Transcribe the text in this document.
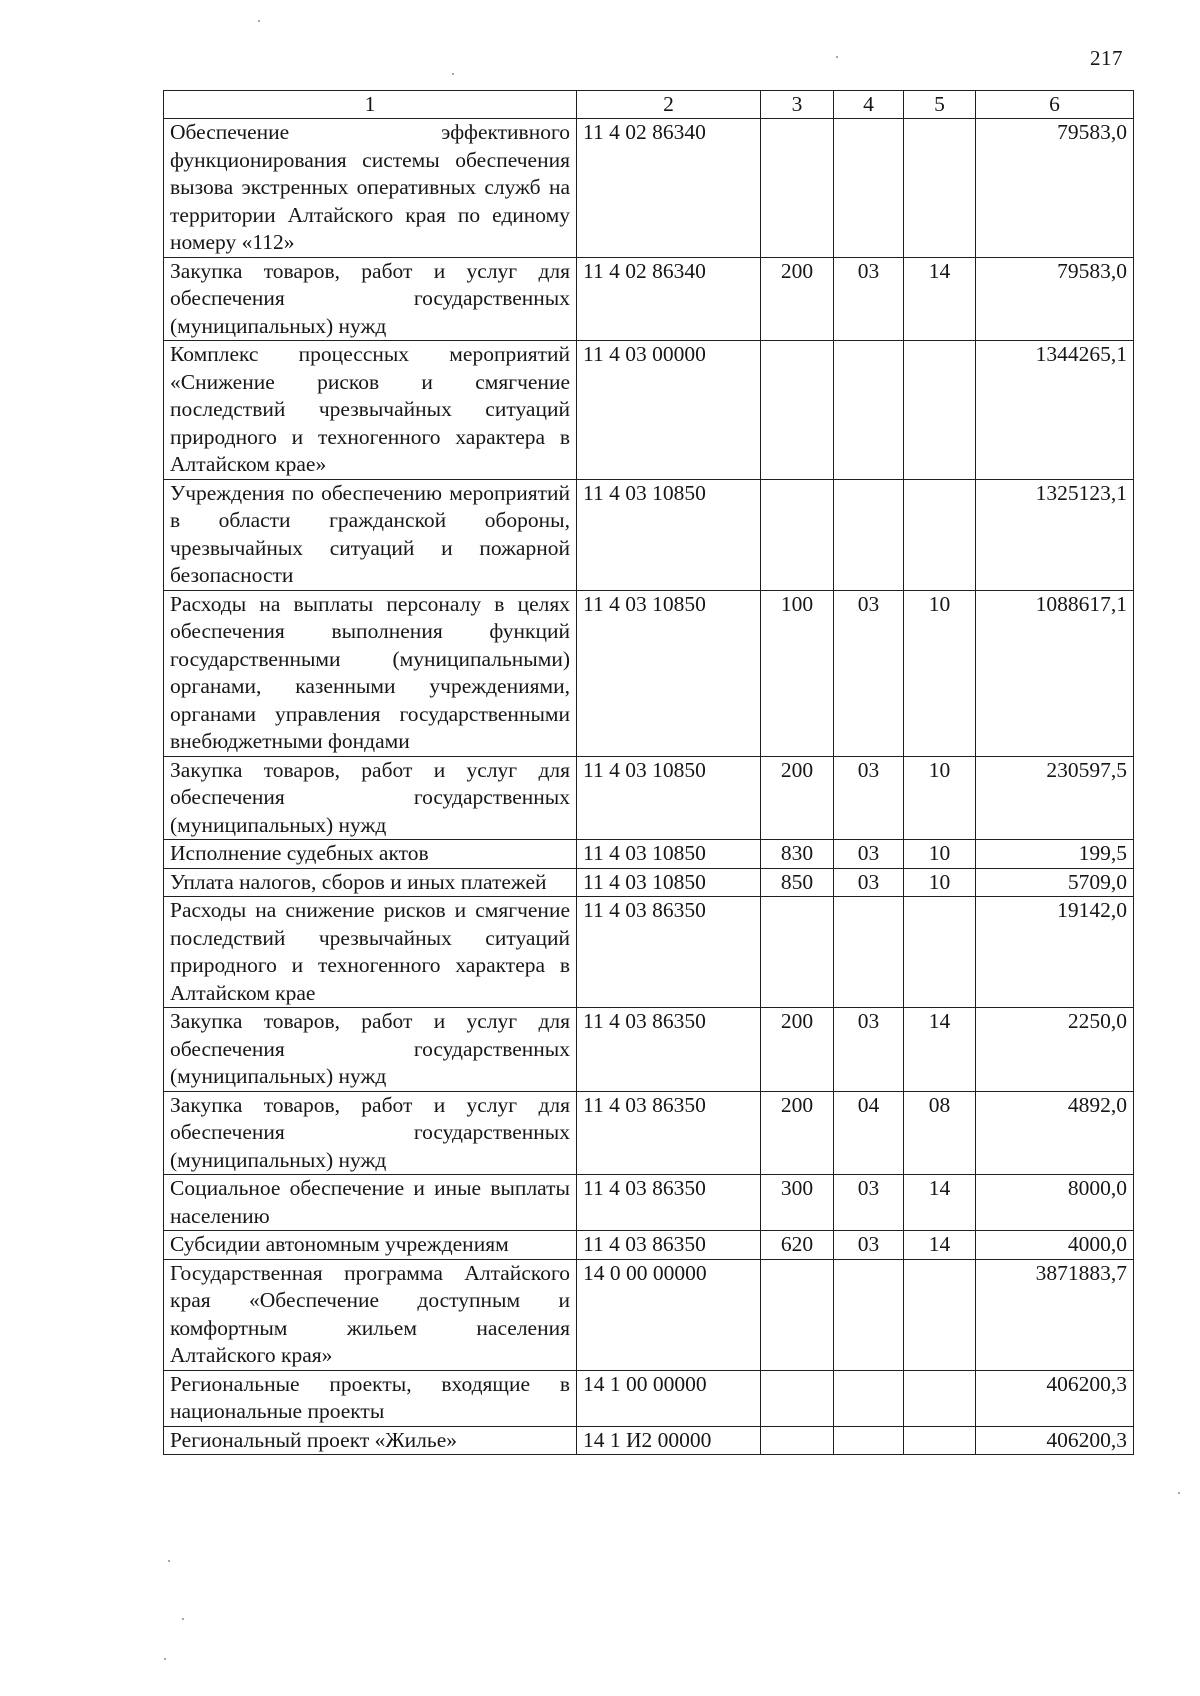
217
1	2	3	4	5	6
Обеспечение эффективного функционирования системы обеспечения вызова экстренных оперативных служб на территории Алтайского края по единому номеру «112»	11 4 02 86340				79583,0
Закупка товаров, работ и услуг для обеспечения государственных (муниципальных) нужд	11 4 02 86340	200	03	14	79583,0
Комплекс процессных мероприятий «Снижение рисков и смягчение последствий чрезвычайных ситуаций природного и техногенного характера в Алтайском крае»	11 4 03 00000				1344265,1
Учреждения по обеспечению мероприятий в области гражданской обороны, чрезвычайных ситуаций и пожарной безопасности	11 4 03 10850				1325123,1
Расходы на выплаты персоналу в целях обеспечения выполнения функций государственными (муниципальными) органами, казенными учреждениями, органами управления государственными внебюджетными фондами	11 4 03 10850	100	03	10	1088617,1
Закупка товаров, работ и услуг для обеспечения государственных (муниципальных) нужд	11 4 03 10850	200	03	10	230597,5
Исполнение судебных актов	11 4 03 10850	830	03	10	199,5
Уплата налогов, сборов и иных платежей	11 4 03 10850	850	03	10	5709,0
Расходы на снижение рисков и смягчение последствий чрезвычайных ситуаций природного и техногенного характера в Алтайском крае	11 4 03 86350				19142,0
Закупка товаров, работ и услуг для обеспечения государственных (муниципальных) нужд	11 4 03 86350	200	03	14	2250,0
Закупка товаров, работ и услуг для обеспечения государственных (муниципальных) нужд	11 4 03 86350	200	04	08	4892,0
Социальное обеспечение и иные выплаты населению	11 4 03 86350	300	03	14	8000,0
Субсидии автономным учреждениям	11 4 03 86350	620	03	14	4000,0
Государственная программа Алтайского края «Обеспечение доступным и комфортным жильем населения Алтайского края»	14 0 00 00000				3871883,7
Региональные проекты, входящие в национальные проекты	14 1 00 00000				406200,3
Региональный проект «Жилье»	14 1 И2 00000				406200,3
